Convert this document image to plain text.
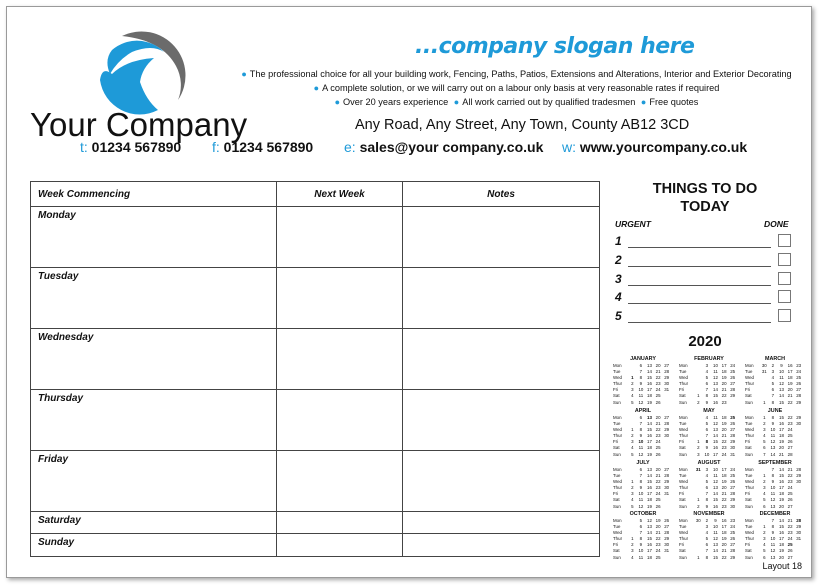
Your Company
...company slogan here
● The professional choice for all your building work, Fencing, Paths, Patios, Extensions and Alterations, Interior and Exterior Decorating
● A complete solution, or we will carry out on a labour only basis at very reasonable rates if required
● Over 20 years experience ● All work carried out by qualified tradesmen ● Free quotes
Any Road, Any Street, Any Town, County AB12 3CD
t: 01234 567890 f: 01234 567890 e: sales@your company.co.uk w: www.yourcompany.co.uk
Week Commencing	Next Week	Notes
Monday		
Tuesday		
Wednesday		
Thursday		
Friday		
Saturday		
Sunday		
THINGS TO DO
TODAY
URGENT	DONE
1
2
3
4
5
2020
JANUARY
Mon	6	13 20 27
Tue	7	14 21 28
Wed	1	8	15 22 29
Thur	2	9	16 23 30
Fri	3	10 17 24 31
Sat	4	11 18 25
Sun	5	12 19 26
FEBRUARY
Mon	3	10 17 24
Tue	4	11 18 25
Wed	5	12 19 26
Thur	6	13 20 27
Fri	7	14 21 28
Sat	1	8	15 22 29
Sun	2	9	16 23
MARCH
Mon	30	2	9	16 23
Tue	31	3	10 17 24
Wed	4	11 18 25
Thur	5	12 19 26
Fri	6	13 20 27
Sat	7	14 21 28
Sun	1	8	15 22 29
APRIL
Mon	6	13 20 27
Tue	7	14 21 28
Wed	1	8	15 22 29
Thur	2	9	16 23 30
Fri	3	10 17 24
Sat	4	11 18 25
Sun	5	12 19 26
MAY
Mon	4	11 18 25
Tue	5	12 19 26
Wed	6	13 20 27
Thur	7	14 21 28
Fri	1	8	15 22 29
Sat	2	9	16 23 30
Sun	3	10 17 24 31
JUNE
Mon	1	8	15 22 29
Tue	2	9	16 23 30
Wed	3	10 17 24
Thur	4	11 18 25
Fri	5	12 19 26
Sat	6	13 20 27
Sun	7	14 21 28
JULY
Mon	6	13 20 27
Tue	7	14 21 28
Wed	1	8	15 22 29
Thur	2	9	16 23 30
Fri	3	10 17 24 31
Sat	4	11 18 25
Sun	5	12 19 26
AUGUST
Mon	31	3	10 17 24
Tue	4	11 18 25
Wed	5	12 19 26
Thur	6	13 20 27
Fri	7	14 21 28
Sat	1	8	15 22 29
Sun	2	9	16 23 30
SEPTEMBER
Mon	7	14 21 28
Tue	1	8	15 22 29
Wed	2	9	16 23 30
Thur	3	10 17 24
Fri	4	11 18 25
Sat	5	12 19 26
Sun	6	13 20 27
OCTOBER
Mon	5	12 19 26
Tue	6	13 20 27
Wed	7	14 21 28
Thur	1	8	15 22 29
Fri	2	9	16 23 30
Sat	3	10 17 24 31
Sun	4	11 18 25
NOVEMBER
Mon	30	2	9	16 23
Tue	3	10 17 24
Wed	4	11 18 25
Thur	5	12 19 26
Fri	6	13 20 27
Sat	7	14 21 28
Sun	1	8	15 22 29
DECEMBER
Mon	7	14 21 28
Tue	1	8	15 22 29
Wed	2	9	16 23 30
Thur	3	10 17 24 31
Fri	4	11 18 25
Sat	5	12 19 26
Sun	6	13 20 27
Layout 18
